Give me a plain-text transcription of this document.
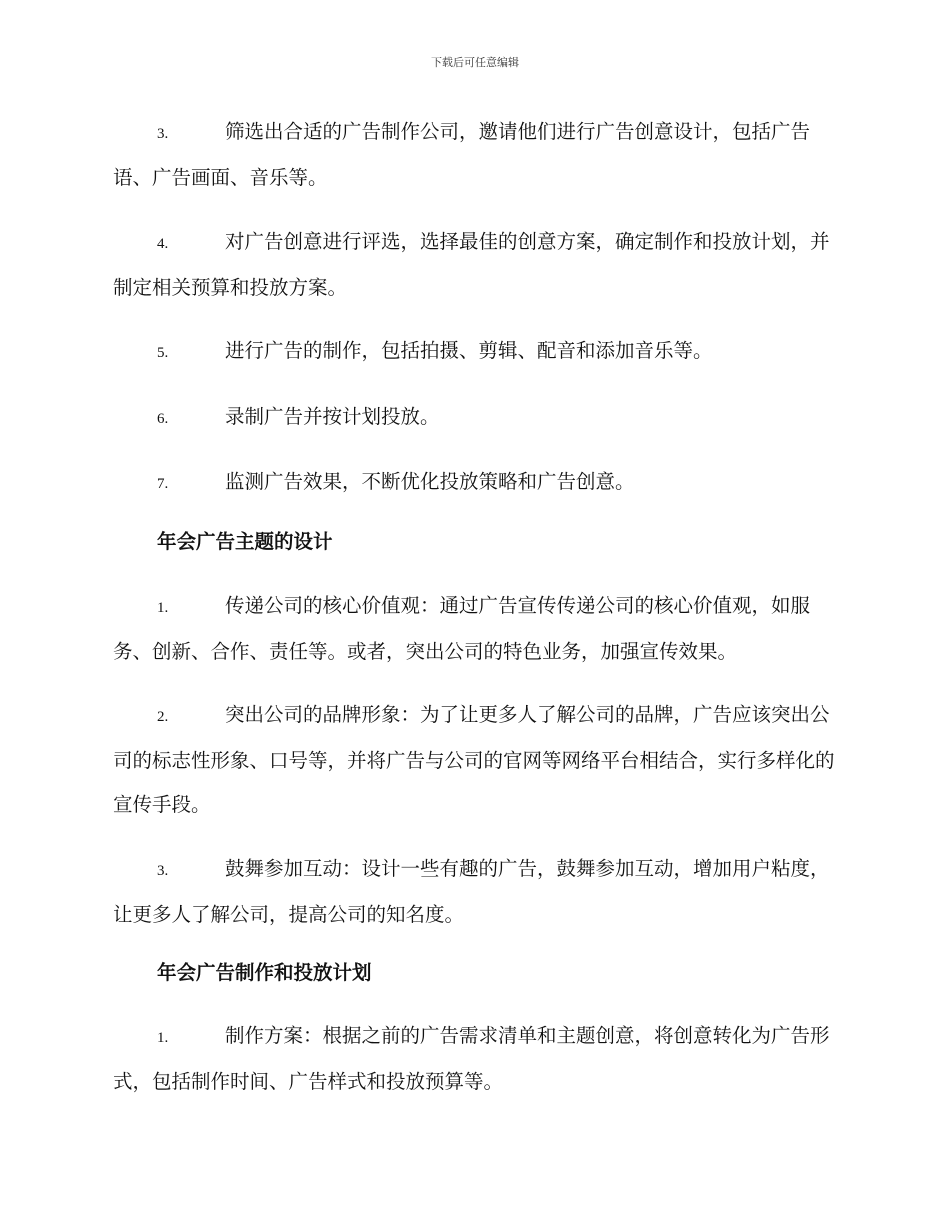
下载后可任意编辑

3.	筛选出合适的广告制作公司，邀请他们进行广告创意设计，包括广告语、广告画面、音乐等。

4.	对广告创意进行评选，选择最佳的创意方案，确定制作和投放计划，并制定相关预算和投放方案。

5.	进行广告的制作，包括拍摄、剪辑、配音和添加音乐等。

6.	录制广告并按计划投放。

7.	监测广告效果，不断优化投放策略和广告创意。

年会广告主题的设计

1.	传递公司的核心价值观：通过广告宣传传递公司的核心价值观，如服务、创新、合作、责任等。或者，突出公司的特色业务，加强宣传效果。

2.	突出公司的品牌形象：为了让更多人了解公司的品牌，广告应该突出公司的标志性形象、口号等，并将广告与公司的官网等网络平台相结合，实行多样化的宣传手段。

3.	鼓舞参加互动：设计一些有趣的广告，鼓舞参加互动，增加用户粘度，让更多人了解公司，提高公司的知名度。

年会广告制作和投放计划

1.	制作方案：根据之前的广告需求清单和主题创意，将创意转化为广告形式，包括制作时间、广告样式和投放预算等。
